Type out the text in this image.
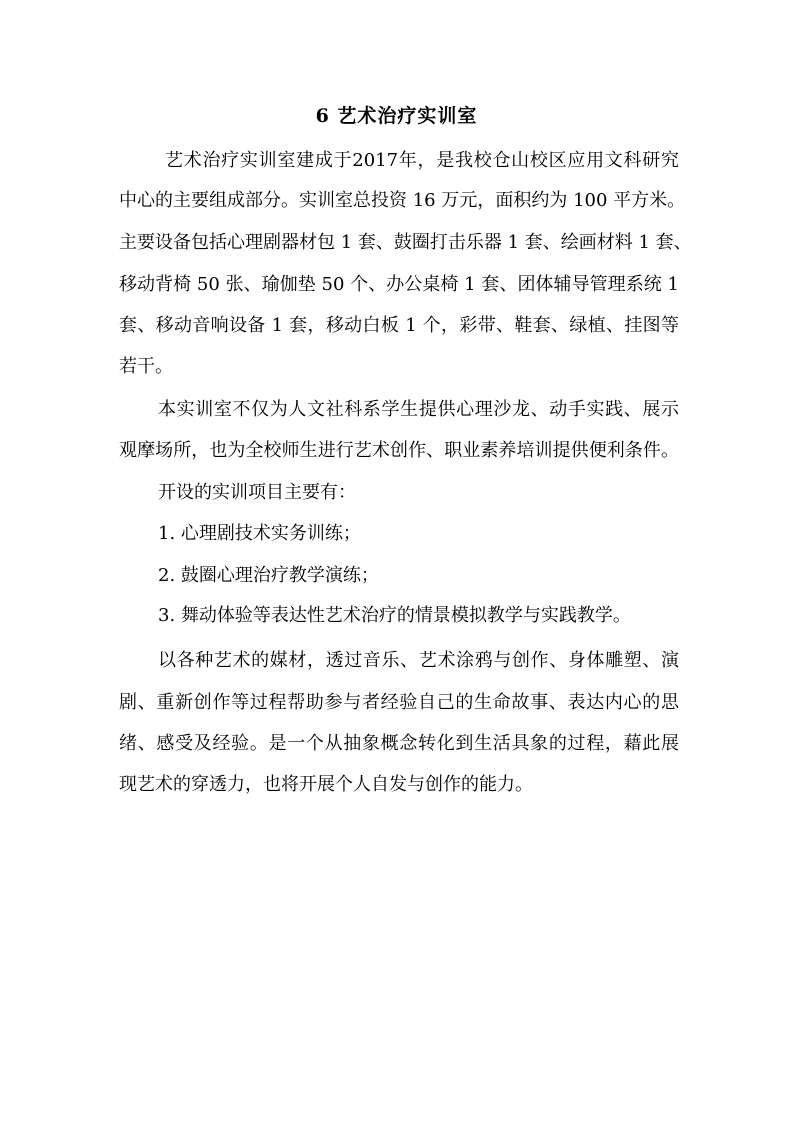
6 艺术治疗实训室
艺术治疗实训室建成于2017年，是我校仓山校区应用文科研究
中心的主要组成部分。实训室总投资 16 万元，面积约为 100 平方米。
主要设备包括心理剧器材包 1 套、鼓圈打击乐器 1 套、绘画材料 1 套、
移动背椅 50 张、瑜伽垫 50 个、办公桌椅 1 套、团体辅导管理系统 1
套、移动音响设备 1 套，移动白板 1 个，彩带、鞋套、绿植、挂图等
若干。
本实训室不仅为人文社科系学生提供心理沙龙、动手实践、展示
观摩场所，也为全校师生进行艺术创作、职业素养培训提供便利条件。
开设的实训项目主要有：
1. 心理剧技术实务训练；
2. 鼓圈心理治疗教学演练；
3. 舞动体验等表达性艺术治疗的情景模拟教学与实践教学。
以各种艺术的媒材，透过音乐、艺术涂鸦与创作、身体雕塑、演
剧、重新创作等过程帮助参与者经验自己的生命故事、表达内心的思
绪、感受及经验。是一个从抽象概念转化到生活具象的过程，藉此展
现艺术的穿透力，也将开展个人自发与创作的能力。
